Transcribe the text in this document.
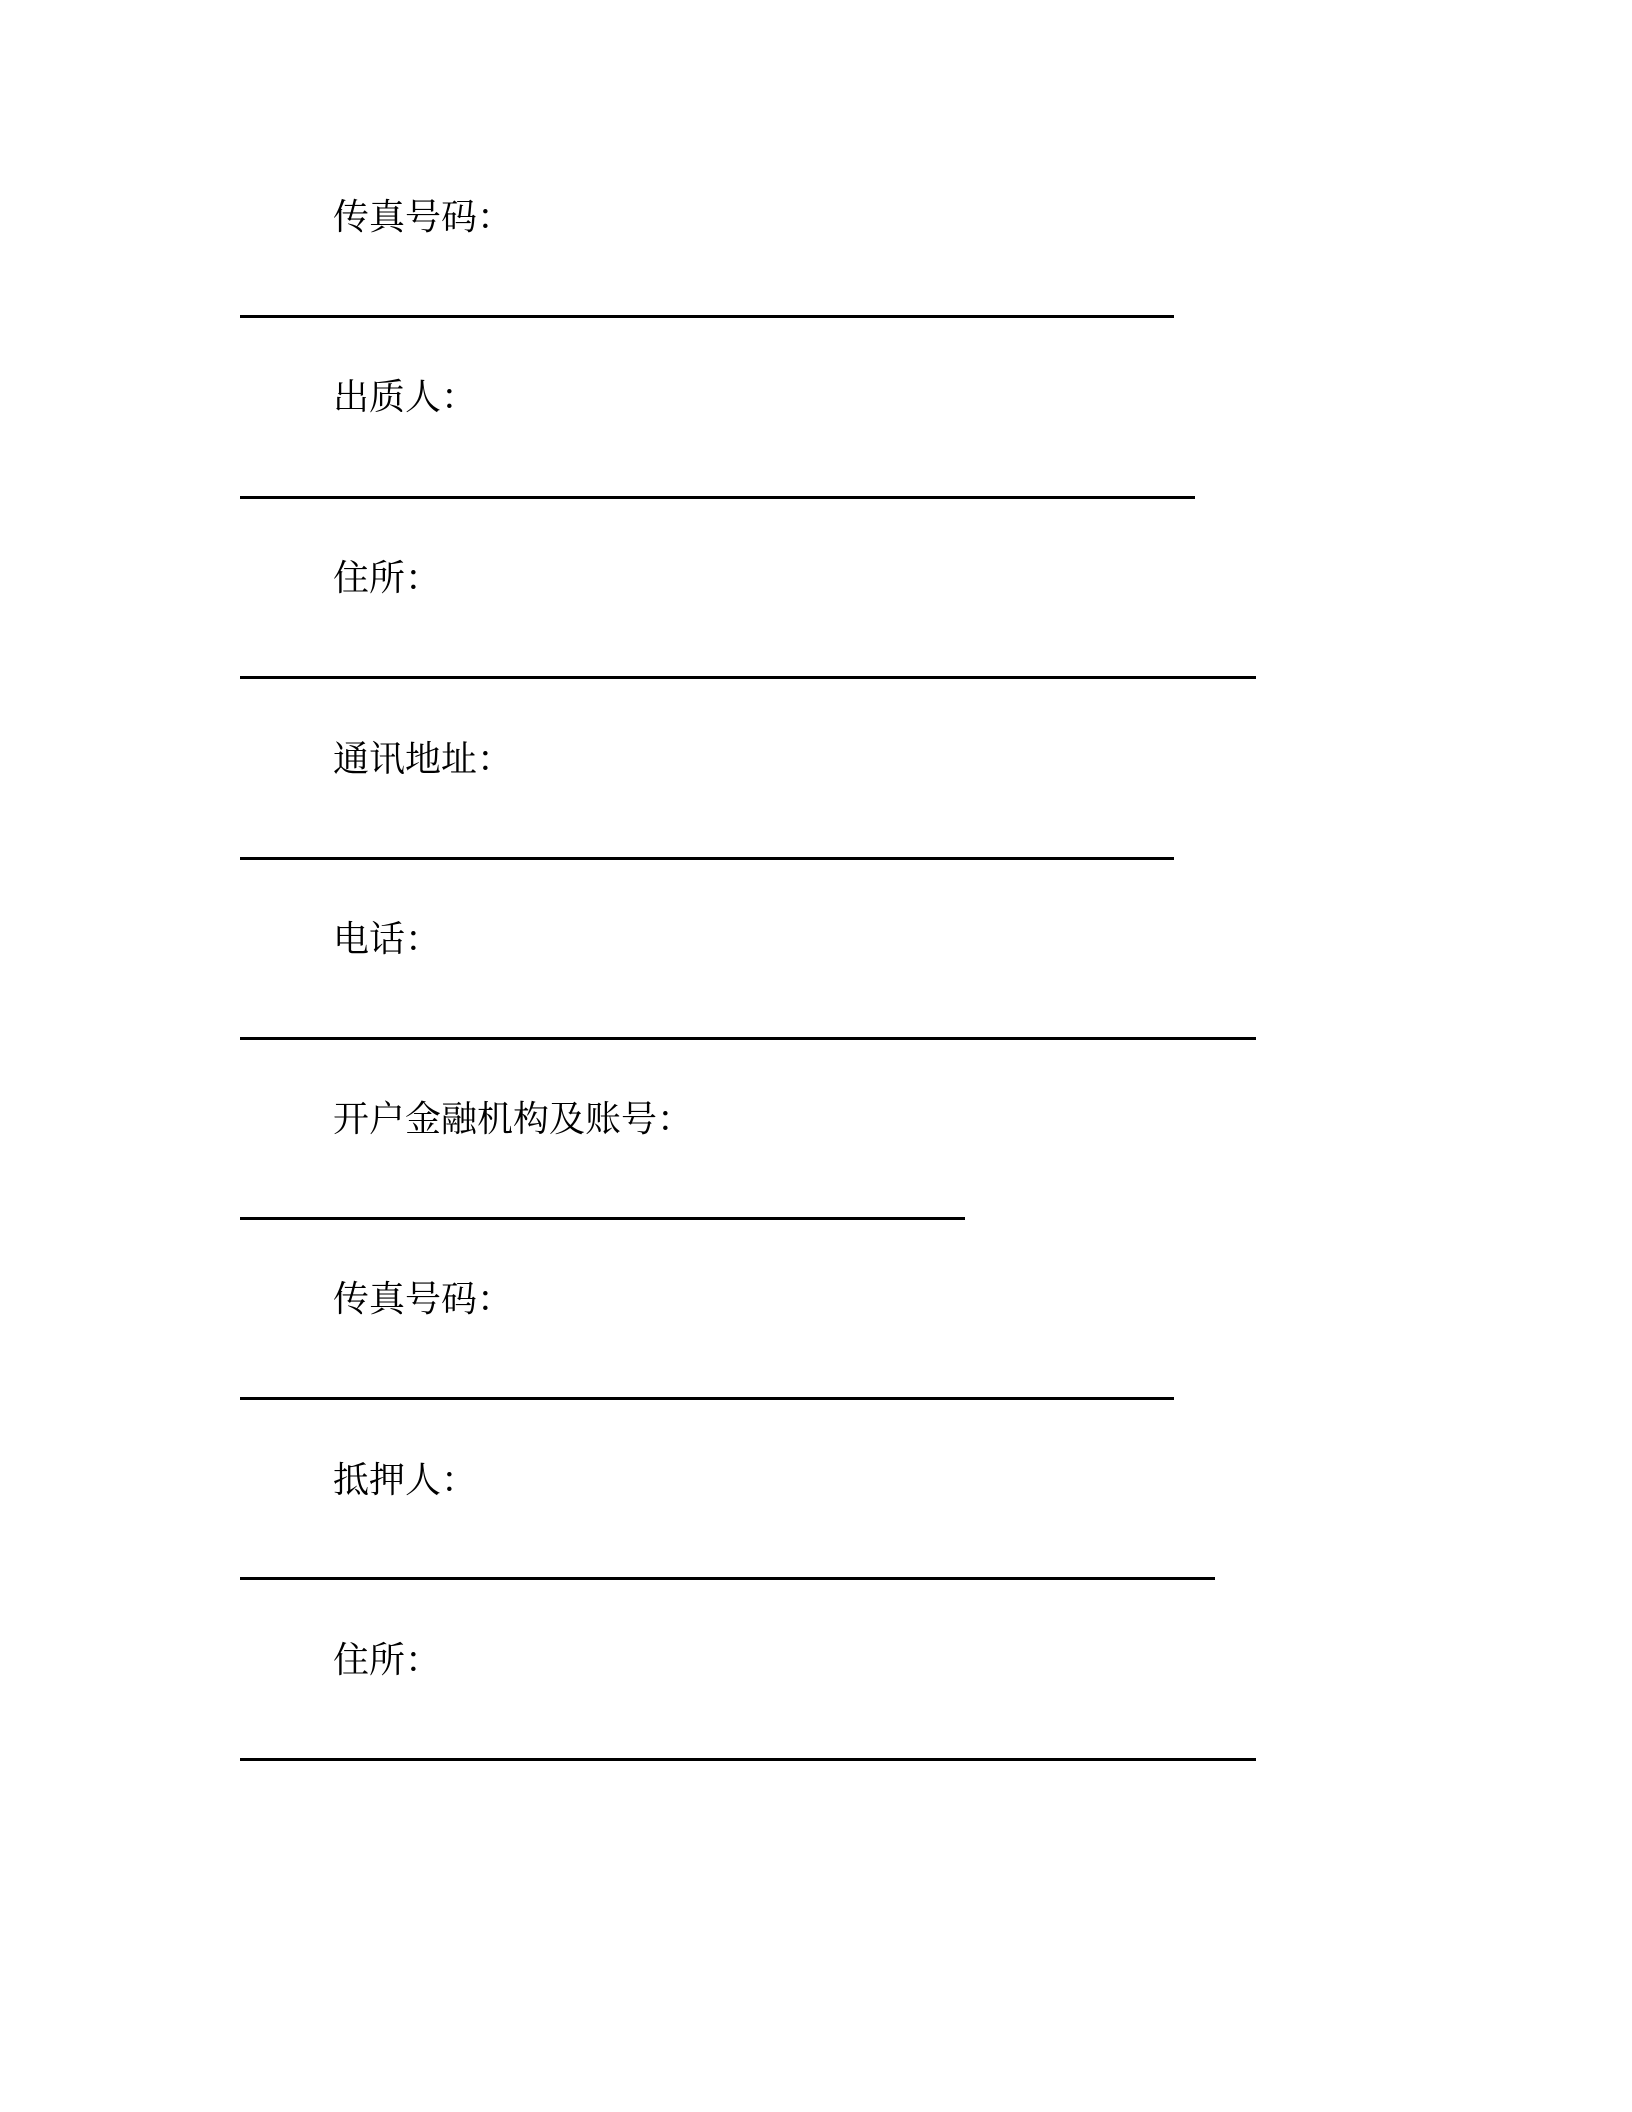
传真号码：
出质人：
住所：
通讯地址：
电话：
开户金融机构及账号：
传真号码：
抵押人：
住所：
